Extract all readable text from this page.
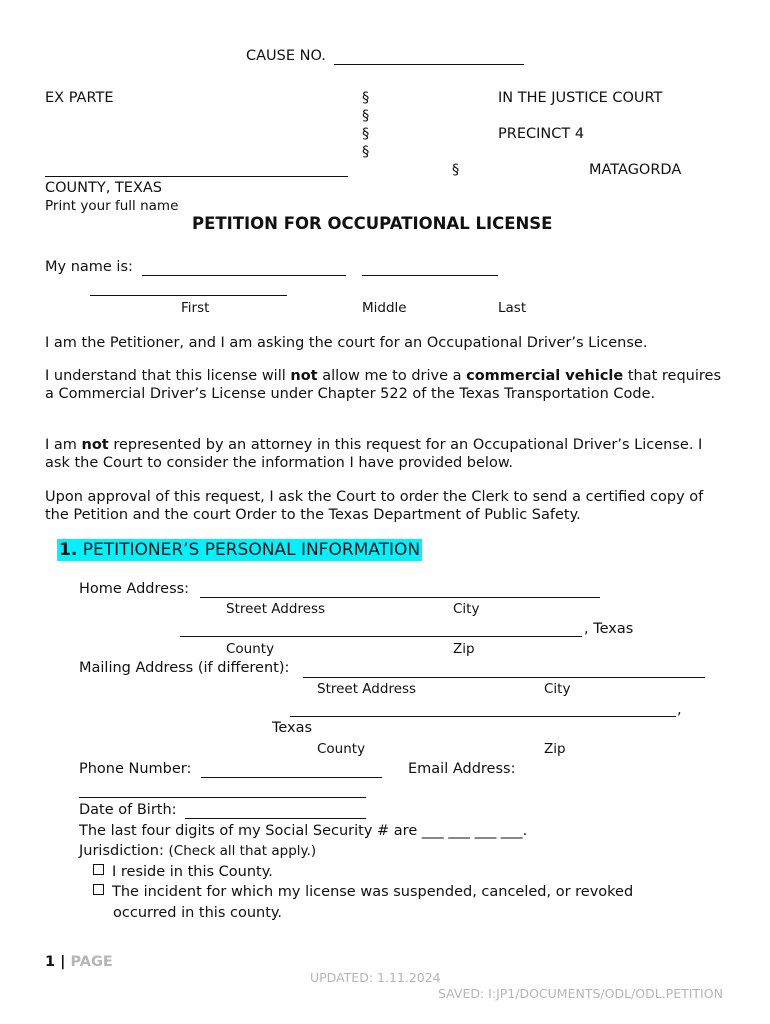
CAUSE NO.
EX PARTE	§
§
§
§
§
IN THE JUSTICE COURT
PRECINCT 4
MATAGORDA
COUNTY, TEXAS
Print your full name
PETITION FOR OCCUPATIONAL LICENSE
My name is:
First	Middle	Last
I am the Petitioner, and I am asking the court for an Occupational Driver’s License.
I understand that this license will not allow me to drive a commercial vehicle that requires a Commercial Driver’s License under Chapter 522 of the Texas Transportation Code.
I am not represented by an attorney in this request for an Occupational Driver’s License. I ask the Court to consider the information I have provided below.
Upon approval of this request, I ask the Court to order the Clerk to send a certified copy of the Petition and the court Order to the Texas Department of Public Safety.
1. PETITIONER’S PERSONAL INFORMATION
Home Address:
Street Address	City
, Texas
County	Zip
Mailing Address (if different):
Street Address	City
,
Texas
County	Zip
Phone Number:	Email Address:
Date of Birth:
The last four digits of my Social Security # are ___ ___ ___ ___.
Jurisdiction: (Check all that apply.)
I reside in this County.
The incident for which my license was suspended, canceled, or revoked
occurred in this county.
1 | PAGE
UPDATED: 1.11.2024
SAVED: I:JP1/DOCUMENTS/ODL/ODL.PETITION
